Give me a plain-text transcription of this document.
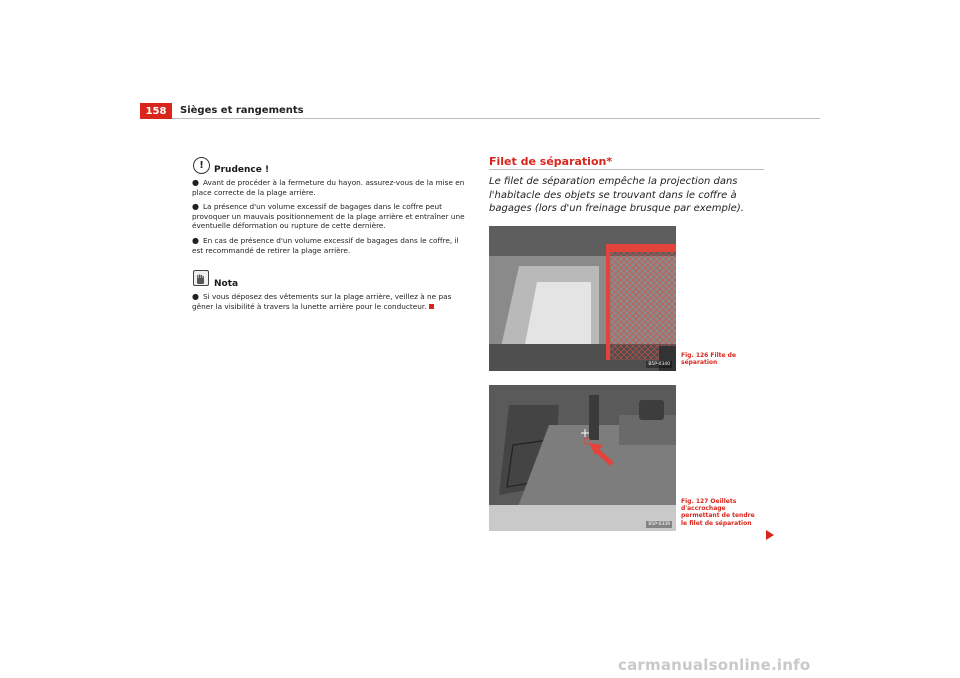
158	Sièges et rangements
!	Prudence !
● Avant de procéder à la fermeture du hayon. assurez-vous de la mise en place correcte de la plage arrière.
● La présence d'un volume excessif de bagages dans le coffre peut provoquer un mauvais positionnement de la plage arrière et entraîner une éventuelle déformation ou rupture de cette dernière.
● En cas de présence d'un volume excessif de bagages dans le coffre, il est recommandé de retirer la plage arrière.
Nota
● Si vous déposez des vêtements sur la plage arrière, veillez à ne pas gêner la visibilité à travers la lunette arrière pour le conducteur.
Filet de séparation*
Le filet de séparation empêche la projection dans l'habitacle des objets se trouvant dans le coffre à bagages (lors d'un freinage brusque par exemple).
B5P-0340
Fig. 126 Filte de séparation
B5P-0339
Fig. 127 Oeillets d'accrochage permettant de tendre le filet de séparation
carmanualsonline.info
